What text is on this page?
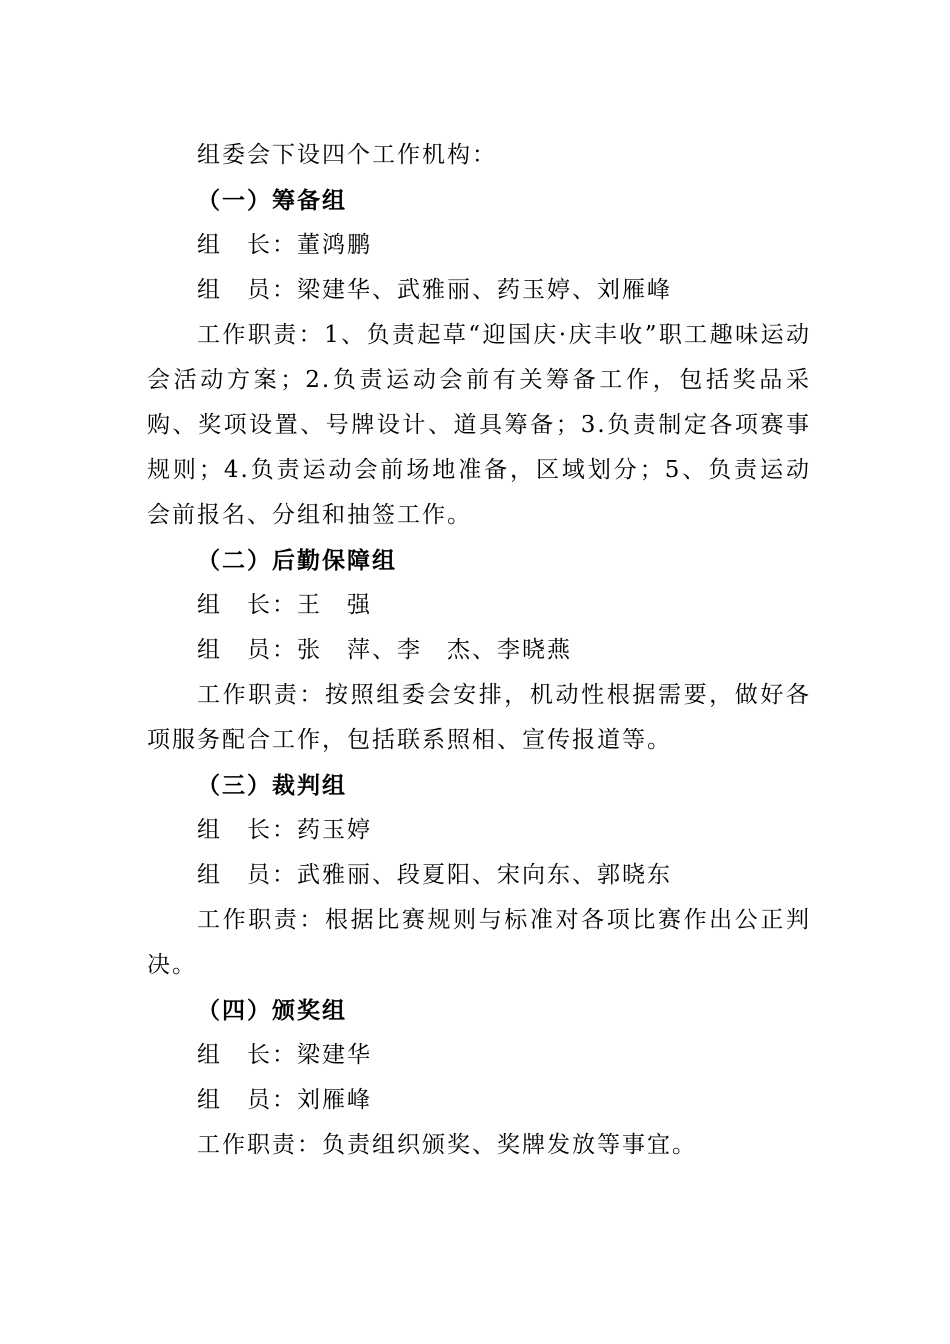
组委会下设四个工作机构：

（一）筹备组

组　长：董鸿鹏
组　员：梁建华、武雅丽、药玉婷、刘雁峰

工作职责：1、负责起草“迎国庆·庆丰收”职工趣味运动会活动方案；2.负责运动会前有关筹备工作，包括奖品采购、奖项设置、号牌设计、道具筹备；3.负责制定各项赛事规则；4.负责运动会前场地准备，区域划分；5、负责运动会前报名、分组和抽签工作。

（二）后勤保障组

组　长：王　强
组　员：张　萍、李　杰、李晓燕

工作职责：按照组委会安排，机动性根据需要，做好各项服务配合工作，包括联系照相、宣传报道等。

（三）裁判组

组　长：药玉婷
组　员：武雅丽、段夏阳、宋向东、郭晓东

工作职责：根据比赛规则与标准对各项比赛作出公正判决。

（四）颁奖组

组　长：梁建华
组　员：刘雁峰

工作职责：负责组织颁奖、奖牌发放等事宜。
